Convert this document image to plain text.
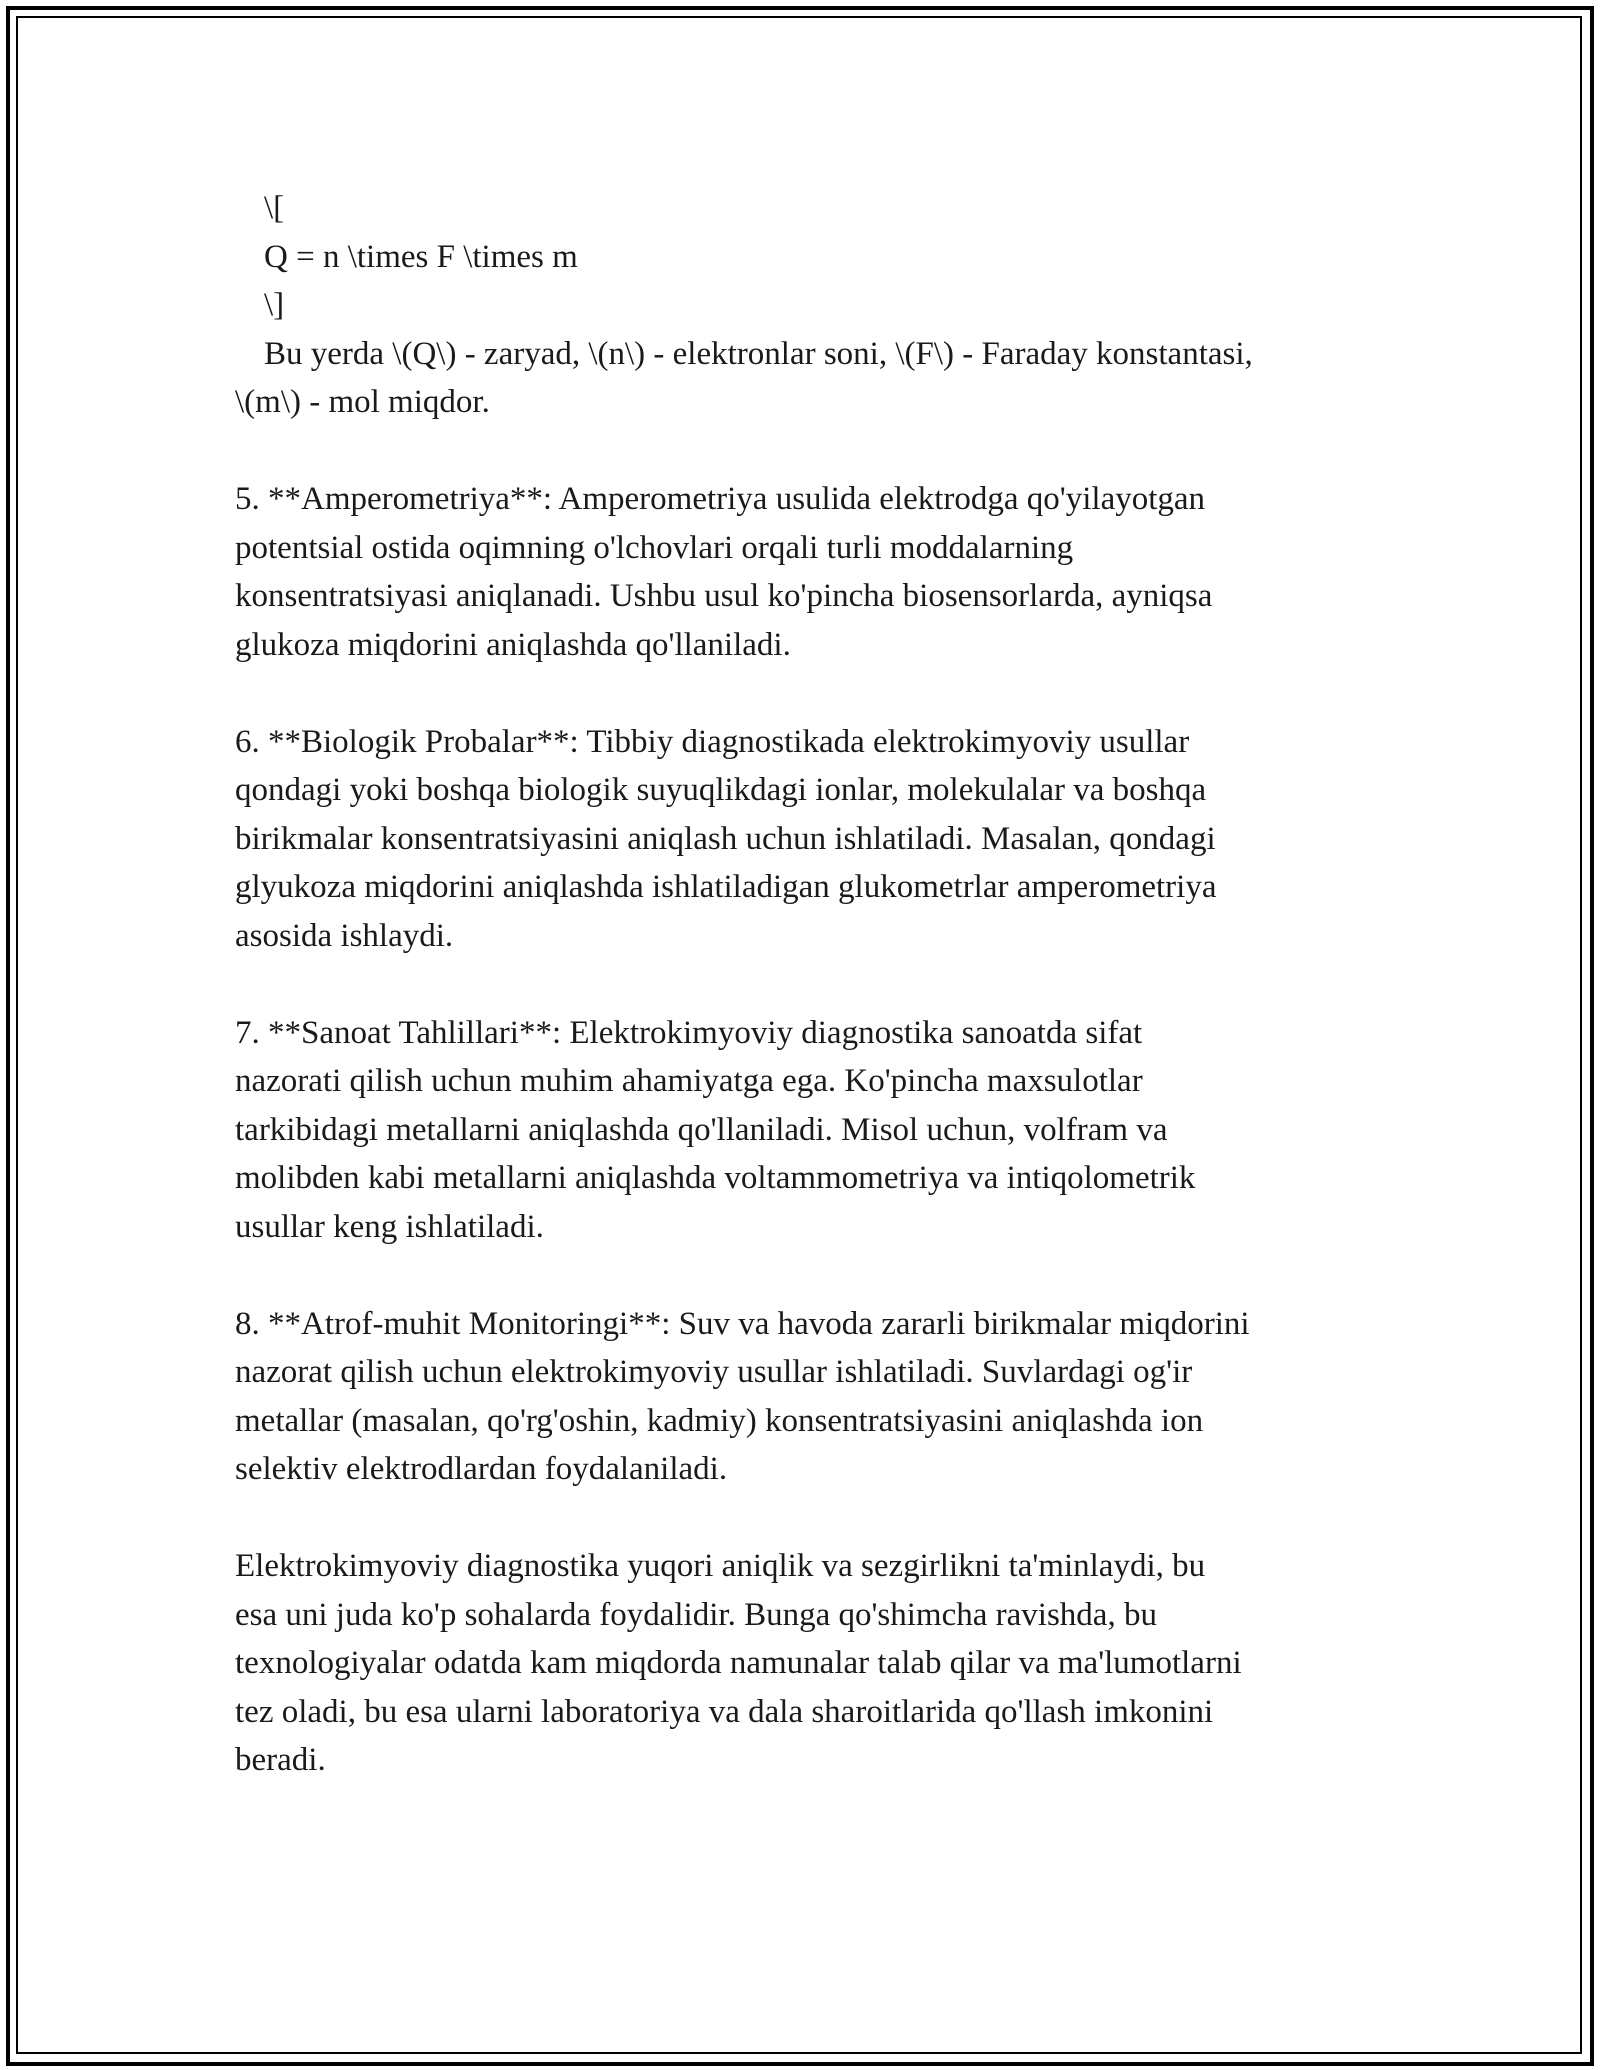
\[
Q = n \times F \times m
\]
Bu yerda \(Q\) - zaryad, \(n\) - elektronlar soni, \(F\) - Faraday konstantasi,
\(m\) - mol miqdor.
5. **Amperometriya**: Amperometriya usulida elektrodga qo'yilayotgan
potentsial ostida oqimning o'lchovlari orqali turli moddalarning
konsentratsiyasi aniqlanadi. Ushbu usul ko'pincha biosensorlarda, ayniqsa
glukoza miqdorini aniqlashda qo'llaniladi.
6. **Biologik Probalar**: Tibbiy diagnostikada elektrokimyoviy usullar
qondagi yoki boshqa biologik suyuqlikdagi ionlar, molekulalar va boshqa
birikmalar konsentratsiyasini aniqlash uchun ishlatiladi. Masalan, qondagi
glyukoza miqdorini aniqlashda ishlatiladigan glukometrlar amperometriya
asosida ishlaydi.
7. **Sanoat Tahlillari**: Elektrokimyoviy diagnostika sanoatda sifat
nazorati qilish uchun muhim ahamiyatga ega. Ko'pincha maxsulotlar
tarkibidagi metallarni aniqlashda qo'llaniladi. Misol uchun, volfram va
molibden kabi metallarni aniqlashda voltammometriya va intiqolometrik
usullar keng ishlatiladi.
8. **Atrof-muhit Monitoringi**: Suv va havoda zararli birikmalar miqdorini
nazorat qilish uchun elektrokimyoviy usullar ishlatiladi. Suvlardagi og'ir
metallar (masalan, qo'rg'oshin, kadmiy) konsentratsiyasini aniqlashda ion
selektiv elektrodlardan foydalaniladi.
Elektrokimyoviy diagnostika yuqori aniqlik va sezgirlikni ta'minlaydi, bu
esa uni juda ko'p sohalarda foydalidir. Bunga qo'shimcha ravishda, bu
texnologiyalar odatda kam miqdorda namunalar talab qilar va ma'lumotlarni
tez oladi, bu esa ularni laboratoriya va dala sharoitlarida qo'llash imkonini
beradi.
